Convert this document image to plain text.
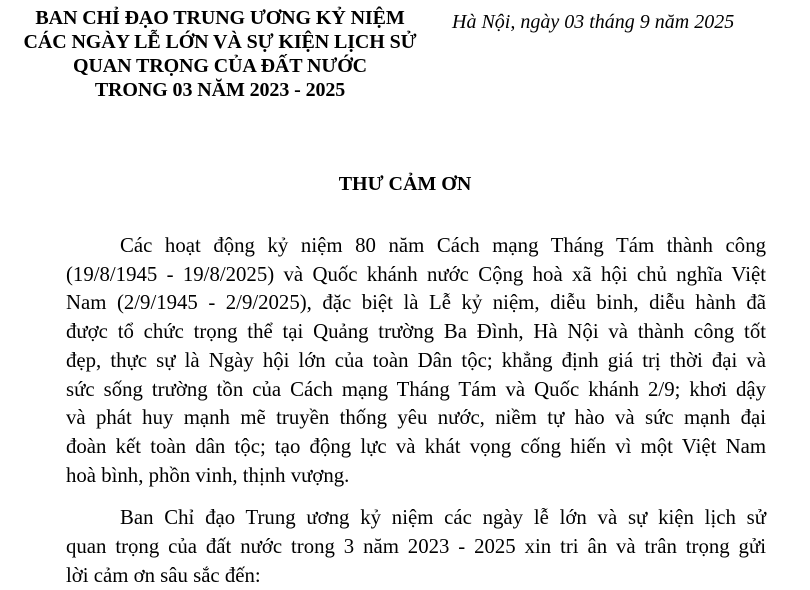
BAN CHỈ ĐẠO TRUNG ƯƠNG KỶ NIỆM
CÁC NGÀY LỄ LỚN VÀ SỰ KIỆN LỊCH SỬ
QUAN TRỌNG CỦA ĐẤT NƯỚC
TRONG 03 NĂM 2023 - 2025
Hà Nội, ngày 03 tháng 9 năm 2025
THƯ CẢM ƠN

Các hoạt động kỷ niệm 80 năm Cách mạng Tháng Tám thành công
(19/8/1945 - 19/8/2025) và Quốc khánh nước Cộng hoà xã hội chủ nghĩa Việt
Nam (2/9/1945 - 2/9/2025), đặc biệt là Lễ kỷ niệm, diễu binh, diễu hành đã
được tổ chức trọng thể tại Quảng trường Ba Đình, Hà Nội và thành công tốt
đẹp, thực sự là Ngày hội lớn của toàn Dân tộc; khẳng định giá trị thời đại và
sức sống trường tồn của Cách mạng Tháng Tám và Quốc khánh 2/9; khơi dậy
và phát huy mạnh mẽ truyền thống yêu nước, niềm tự hào và sức mạnh đại
đoàn kết toàn dân tộc; tạo động lực và khát vọng cống hiến vì một Việt Nam
hoà bình, phồn vinh, thịnh vượng.

Ban Chỉ đạo Trung ương kỷ niệm các ngày lễ lớn và sự kiện lịch sử
quan trọng của đất nước trong 3 năm 2023 - 2025 xin tri ân và trân trọng gửi
lời cảm ơn sâu sắc đến:
